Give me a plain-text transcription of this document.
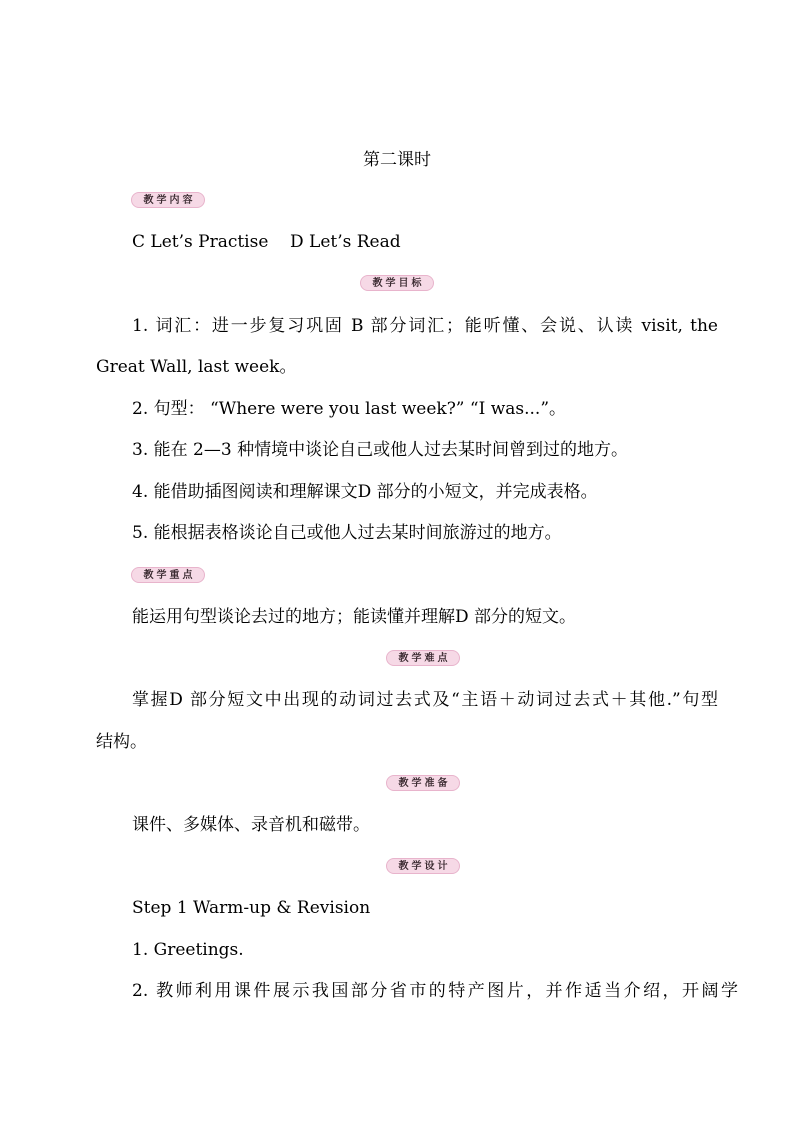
第二课时
教学内容
C Let’s Practise    D Let’s Read
教学目标
1. 词汇：进一步复习巩固 B 部分词汇；能听懂、会说、认读 visit, the
Great Wall, last week。
2. 句型： “Where were you last week?” “I was...”。
3. 能在 2—3 种情境中谈论自己或他人过去某时间曾到过的地方。
4. 能借助插图阅读和理解课文D 部分的小短文，并完成表格。
5. 能根据表格谈论自己或他人过去某时间旅游过的地方。
教学重点
能运用句型谈论去过的地方；能读懂并理解D 部分的短文。
教学难点
掌握D 部分短文中出现的动词过去式及“主语＋动词过去式＋其他.”句型
结构。
教学准备
课件、多媒体、录音机和磁带。
教学设计
Step 1 Warm-up & Revision
1. Greetings.
2. 教师利用课件展示我国部分省市的特产图片，并作适当介绍，开阔学
